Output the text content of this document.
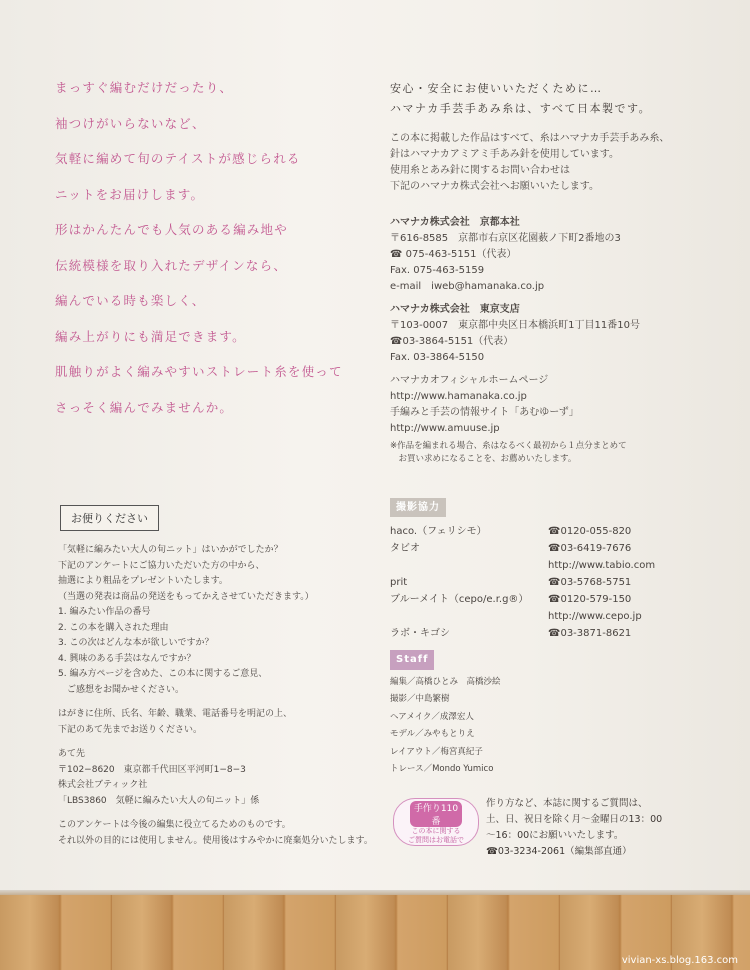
まっすぐ編むだけだったり、

袖つけがいらないなど、

気軽に編めて旬のテイストが感じられる

ニットをお届けします。

形はかんたんでも人気のある編み地や

伝統模様を取り入れたデザインなら、

編んでいる時も楽しく、

編み上がりにも満足できます。

肌触りがよく編みやすいストレート糸を使って

さっそく編んでみませんか。

安心・安全にお使いいただくために…
ハマナカ手芸手あみ糸は、すべて日本製です。
この本に掲載した作品はすべて、糸はハマナカ手芸手あみ糸、
針はハマナカアミアミ手あみ針を使用しています。
使用糸とあみ針に関するお問い合わせは
下記のハマナカ株式会社へお願いいたします。
ハマナカ株式会社　京都本社
〒616-8585　京都市右京区花園薮ノ下町2番地の3
☎ 075-463-5151（代表）
Fax. 075-463-5159
e-mail　iweb@hamanaka.co.jp
ハマナカ株式会社　東京支店
〒103-0007　東京都中央区日本橋浜町1丁目11番10号
☎03-3864-5151（代表）
Fax. 03-3864-5150
ハマナカオフィシャルホームページ
http://www.hamanaka.co.jp
手編みと手芸の情報サイト「あむゆーず」
http://www.amuuse.jp
※作品を編まれる場合、糸はなるべく最初から１点分まとめて
　お買い求めになることを、お薦めいたします。
撮影協力
haco.（フェリシモ）	☎0120-055-820
タビオ	☎03-6419-7676
http://www.tabio.com
prit	☎03-5768-5751
ブルーメイト（cepo/e.r.g®）	☎0120-579-150
http://www.cepo.jp
ラボ・キゴシ	☎03-3871-8621
Staff
編集／高橋ひとみ　高橋沙絵
撮影／中島繁樹
ヘアメイク／成澤宏人
モデル／みやもとりえ
レイアウト／梅宮真紀子
トレース／Mondo Yumico
お便りください
「気軽に編みたい大人の旬ニット」はいかがでしたか？
下記のアンケートにご協力いただいた方の中から、
抽選により粗品をプレゼントいたします。
（当選の発表は商品の発送をもってかえさせていただきます。）
1. 編みたい作品の番号
2. この本を購入された理由
3. この次はどんな本が欲しいですか？
4. 興味のある手芸はなんですか？
5. 編み方ページを含めた、この本に関するご意見、
　ご感想をお聞かせください。
はがきに住所、氏名、年齢、職業、電話番号を明記の上、
下記のあて先までお送りください。
あて先
〒102−8620　東京都千代田区平河町1−8−3
株式会社ブティック社
「LBS3860　気軽に編みたい大人の旬ニット」係
このアンケートは今後の編集に役立てるためのものです。
それ以外の目的には使用しません。使用後はすみやかに廃棄処分いたします。
手作り110番
この本に関する
ご質問はお電話で
作り方など、本誌に関するご質問は、
土、日、祝日を除く月〜金曜日の13：00
〜16：00にお願いいたします。
☎03-3234-2061（編集部直通）
vivian-xs.blog.163.com
